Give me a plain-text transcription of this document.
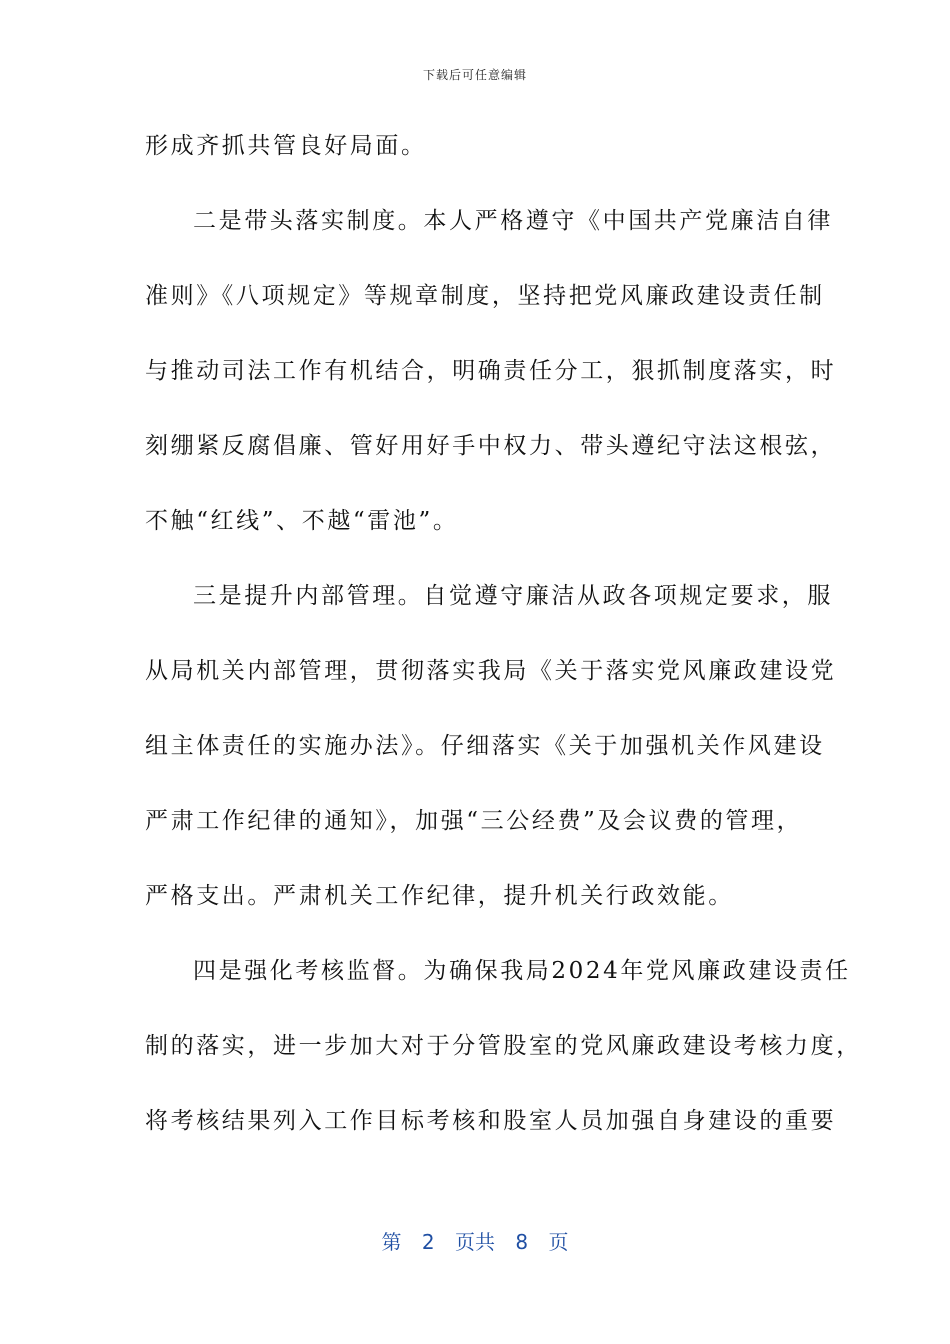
下载后可任意编辑
形成齐抓共管良好局面。
二是带头落实制度。本人严格遵守《中国共产党廉洁自律
准则》《八项规定》等规章制度，坚持把党风廉政建设责任制
与推动司法工作有机结合，明确责任分工，狠抓制度落实，时
刻绷紧反腐倡廉、管好用好手中权力、带头遵纪守法这根弦，
不触“红线”、不越“雷池”。
三是提升内部管理。自觉遵守廉洁从政各项规定要求，服
从局机关内部管理，贯彻落实我局《关于落实党风廉政建设党
组主体责任的实施办法》。仔细落实《关于加强机关作风建设
严肃工作纪律的通知》，加强“三公经费”及会议费的管理，
严格支出。严肃机关工作纪律，提升机关行政效能。
四是强化考核监督。为确保我局2024年党风廉政建设责任
制的落实，进一步加大对于分管股室的党风廉政建设考核力度，
将考核结果列入工作目标考核和股室人员加强自身建设的重要
第 2 页共 8 页
